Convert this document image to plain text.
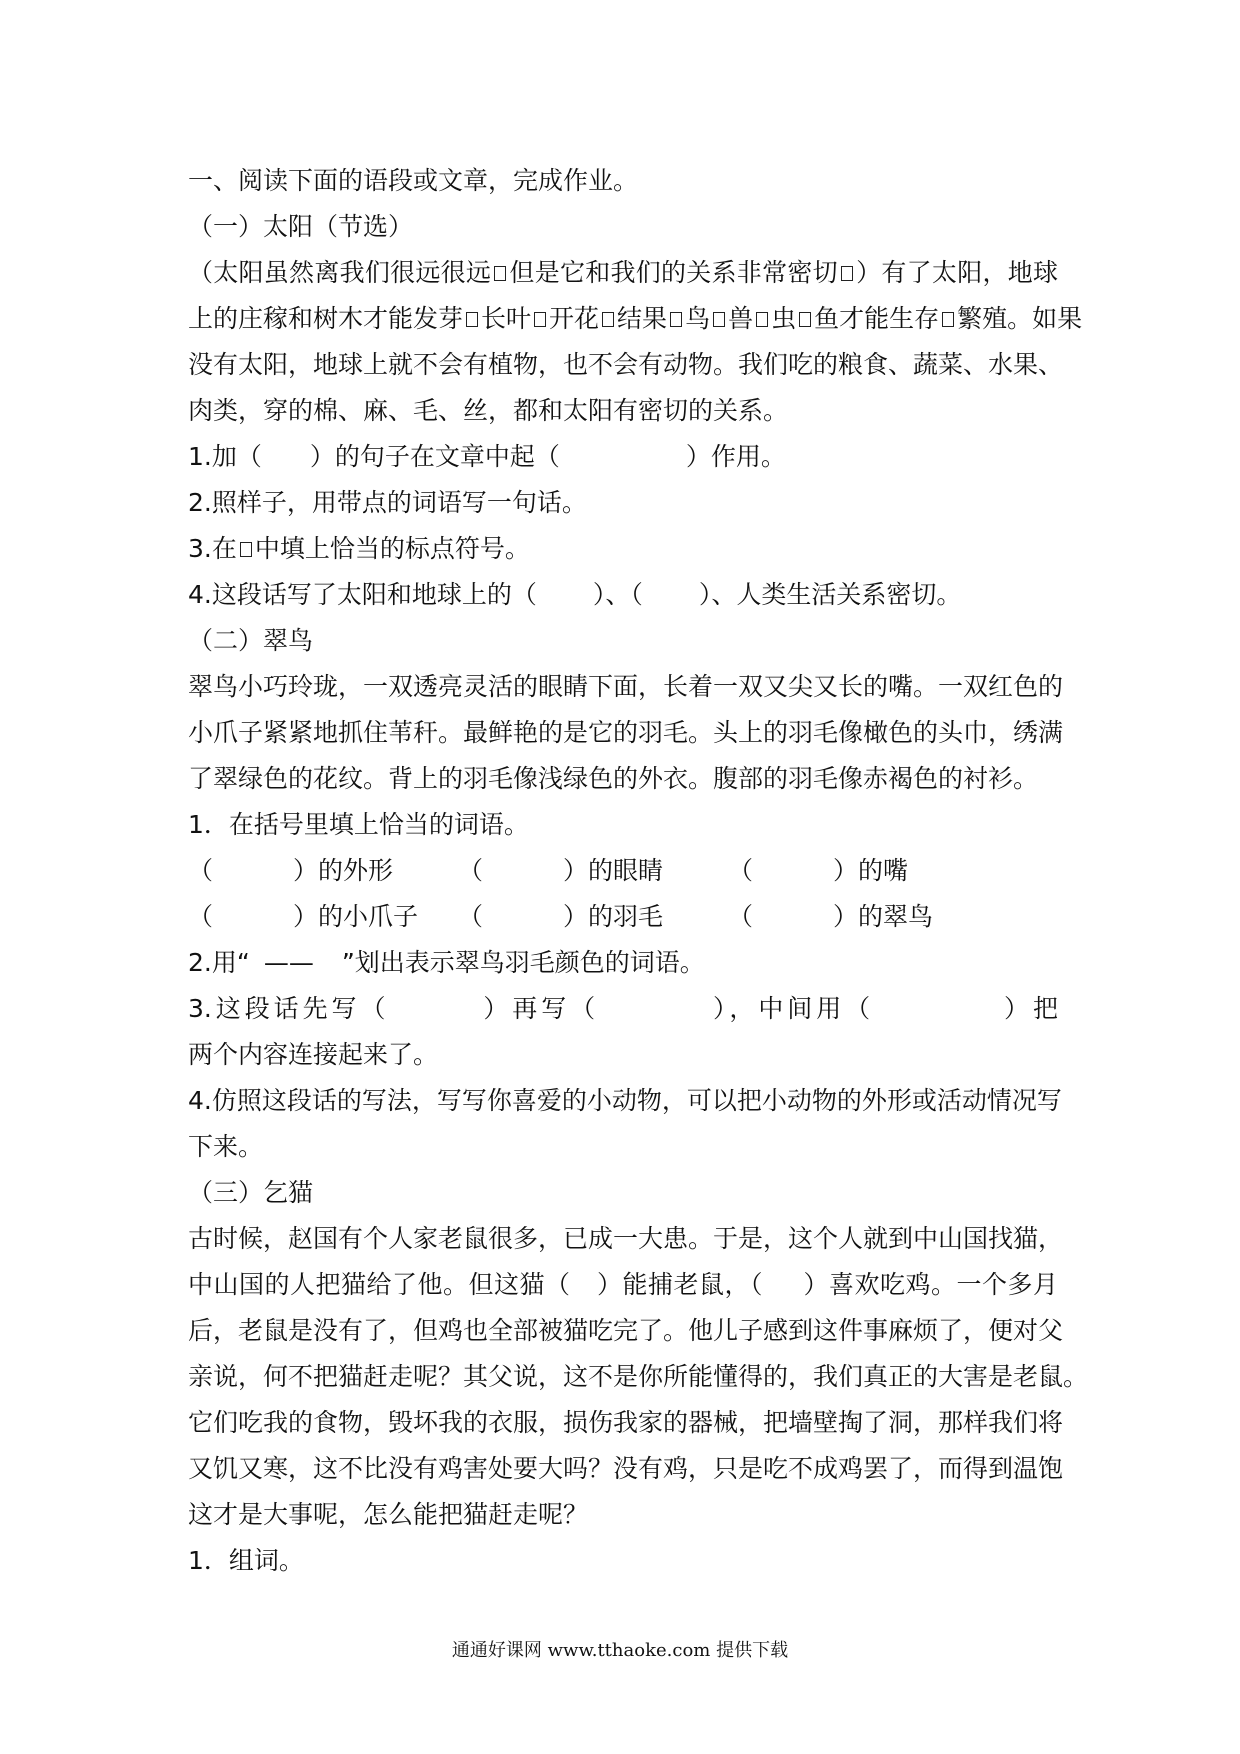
一、阅读下面的语段或文章，完成作业。
（一）太阳（节选）
（太阳虽然离我们很远很远 但是它和我们的关系非常密切 ）有了太阳，地球
上的庄稼和树木才能发芽 长叶 开花 结果 鸟 兽 虫 鱼才能生存 繁殖。如果
没有太阳，地球上就不会有植物，也不会有动物。我们吃的粮食、蔬菜、水果、
肉类，穿的棉、麻、毛、丝，都和太阳有密切的关系。
1.加（ ）的句子在文章中起（	）作用。
2.照样子，用带点的词语写一句话。
3.在 中填上恰当的标点符号。
4.这段话写了太阳和地球上的（ ）、（ ）、人类生活关系密切。
（二）翠鸟
翠鸟小巧玲珑，一双透亮灵活的眼睛下面，长着一双又尖又长的嘴。一双红色的
小爪子紧紧地抓住苇秆。最鲜艳的是它的羽毛。头上的羽毛像橄色的头巾，绣满
了翠绿色的花纹。背上的羽毛像浅绿色的外衣。腹部的羽毛像赤褐色的衬衫。
1．在括号里填上恰当的词语。
（	）的外形	（	）的眼睛	（	）的嘴
（	）的小爪子	（	）的羽毛	（	）的翠鸟
2.用“ —— ”划出表示翠鸟羽毛颜色的词语。
3.这段话先写（	）再写（	），中间用（	）把
两个内容连接起来了。
4.仿照这段话的写法，写写你喜爱的小动物，可以把小动物的外形或活动情况写
下来。
（三）乞猫
古时候，赵国有个人家老鼠很多，已成一大患。于是，这个人就到中山国找猫，
中山国的人把猫给了他。但这猫（ ）能捕老鼠，（ ）喜欢吃鸡。一个多月
后，老鼠是没有了，但鸡也全部被猫吃完了。他儿子感到这件事麻烦了，便对父
亲说，何不把猫赶走呢？其父说，这不是你所能懂得的，我们真正的大害是老鼠。
它们吃我的食物，毁坏我的衣服，损伤我家的器械，把墙壁掏了洞，那样我们将
又饥又寒，这不比没有鸡害处要大吗？没有鸡，只是吃不成鸡罢了，而得到温饱
这才是大事呢，怎么能把猫赶走呢？
1．组词。
通通好课网 www.tthaoke.com 提供下载
